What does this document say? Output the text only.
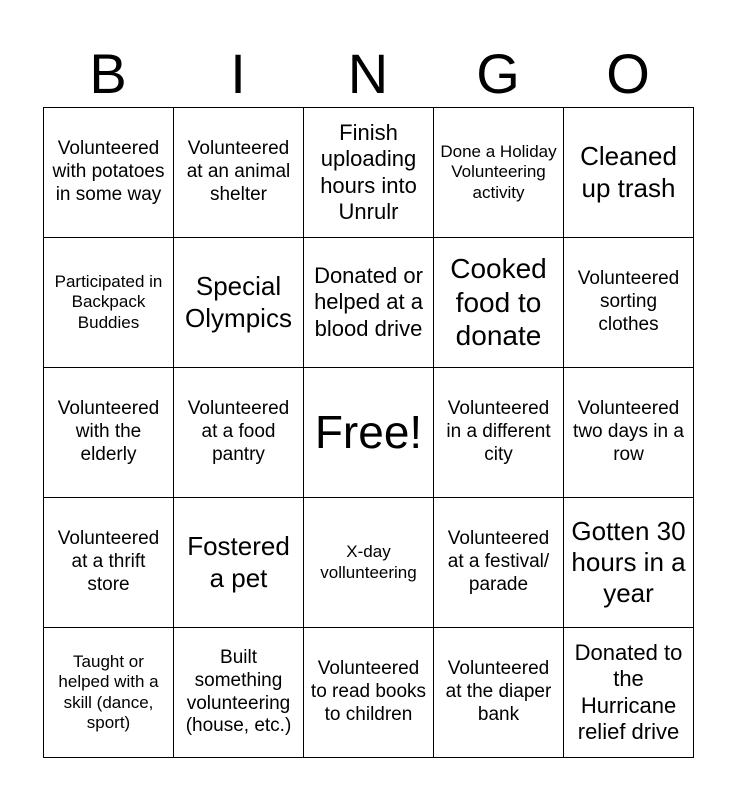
B	I	N	G	O
Volunteered with potatoes in some way	Volunteered at an animal shelter	Finish uploading hours into Unrulr	Done a Holiday Volunteering activity	Cleaned up trash
Participated in Backpack Buddies	Special Olympics	Donated or helped at a blood drive	Cooked food to donate	Volunteered sorting clothes
Volunteered with the elderly	Volunteered at a food pantry	Free!	Volunteered in a different city	Volunteered two days in a row
Volunteered at a thrift store	Fostered a pet	X-day vollunteering	Volunteered at a festival/ parade	Gotten 30 hours in a year
Taught or helped with a skill (dance, sport)	Built something volunteering (house, etc.)	Volunteered to read books to children	Volunteered at the diaper bank	Donated to the Hurricane relief drive
